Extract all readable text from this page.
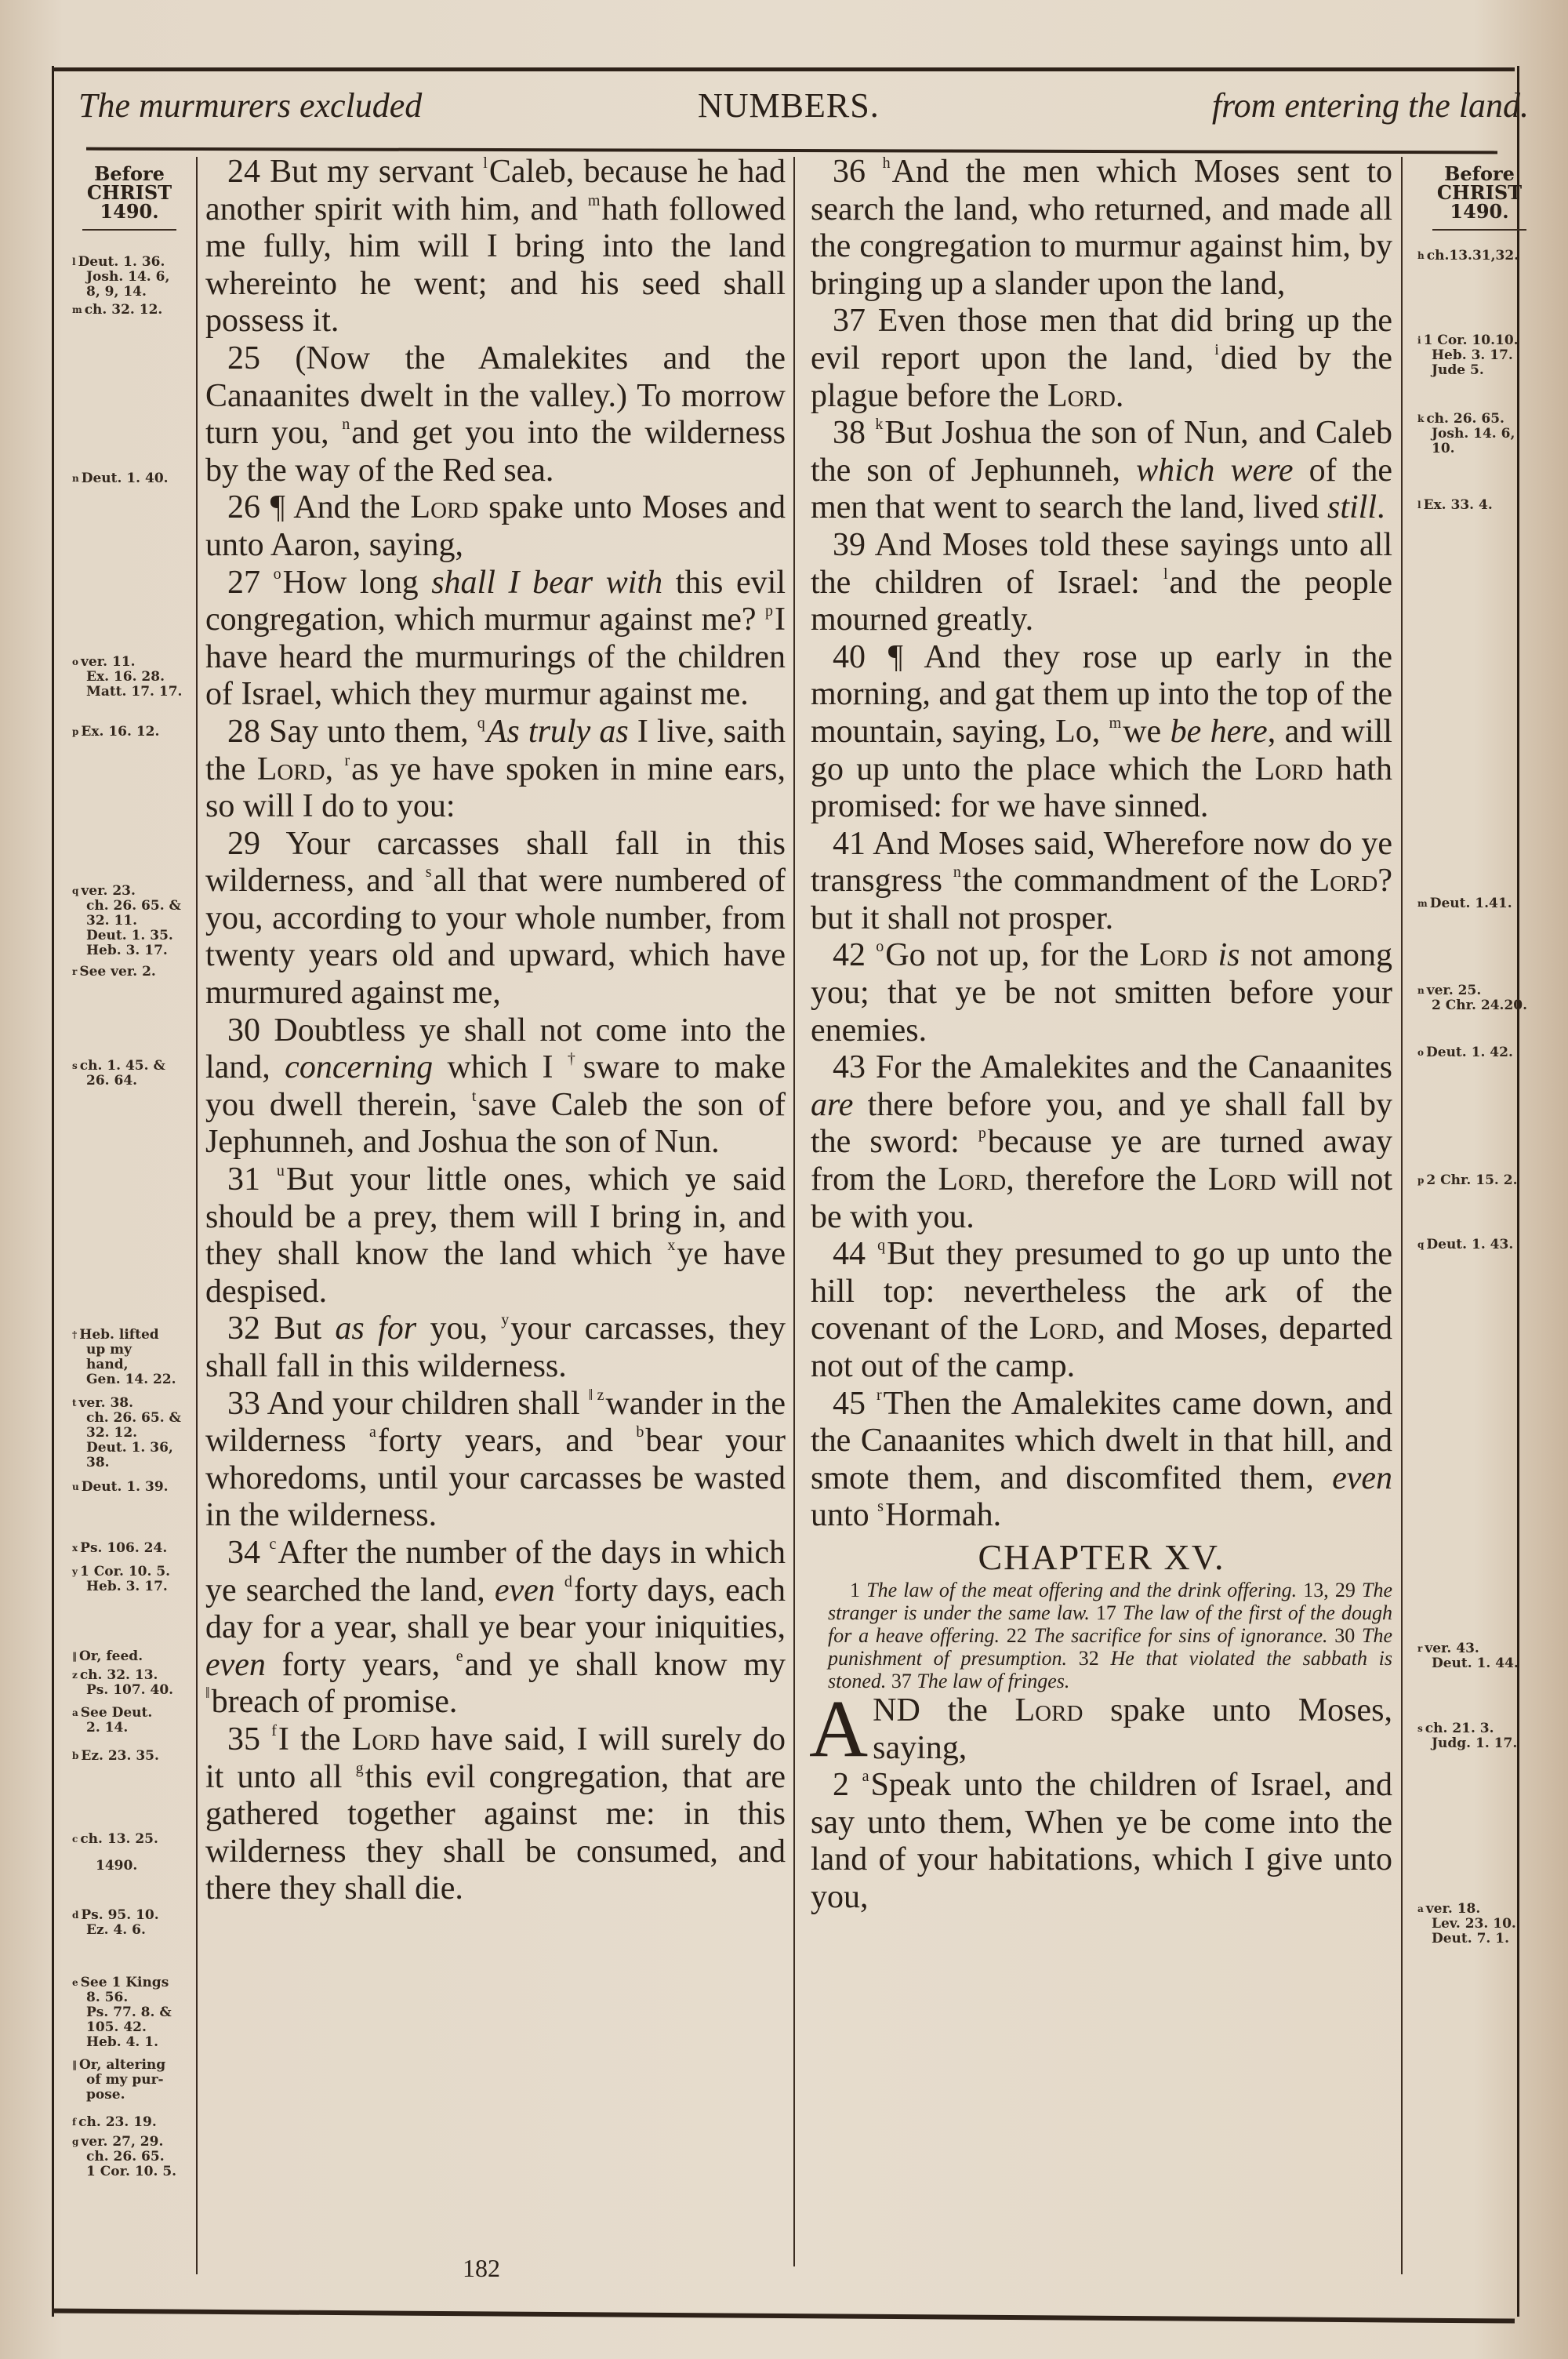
The murmurers excluded	NUMBERS.	from entering the land.
Before
CHRIST
1490.
Before
CHRIST
1490.
$^l$ Deut. 1. 36.
Josh. 14. 6,
8, 9, 14.
$^m$ ch. 32. 12.
$^n$ Deut. 1. 40.
$^o$ ver. 11.
Ex. 16. 28.
Matt. 17. 17.
$^p$ Ex. 16. 12.
$^q$ ver. 23.
ch. 26. 65. &
32. 11.
Deut. 1. 35.
Heb. 3. 17.
$^r$ See ver. 2.
$^s$ ch. 1. 45. &
26. 64.
† Heb. lifted
up my
hand,
Gen. 14. 22.
$^t$ ver. 38.
ch. 26. 65. &
32. 12.
Deut. 1. 36,
38.
$^u$ Deut. 1. 39.
$^x$ Ps. 106. 24.
$^y$ 1 Cor. 10. 5.
Heb. 3. 17.
‖ Or, feed.
$^z$ ch. 32. 13.
Ps. 107. 40.
$^a$ See Deut.
2. 14.
$^b$ Ez. 23. 35.
$^c$ ch. 13. 25.
1490.
$^d$ Ps. 95. 10.
Ez. 4. 6.
$^e$ See 1 Kings
8. 56.
Ps. 77. 8. &
105. 42.
Heb. 4. 1.
‖ Or, altering
of my pur-
pose.
$^f$ ch. 23. 19.
$^g$ ver. 27, 29.
ch. 26. 65.
1 Cor. 10. 5.
$^h$ ch.13.31,32.
$^i$ 1 Cor. 10.10.
Heb. 3. 17.
Jude 5.
$^k$ ch. 26. 65.
Josh. 14. 6,
10.
$^l$ Ex. 33. 4.
$^m$ Deut. 1.41.
$^n$ ver. 25.
2 Chr. 24.20.
$^o$ Deut. 1. 42.
$^p$ 2 Chr. 15. 2.
$^q$ Deut. 1. 43.
$^r$ ver. 43.
Deut. 1. 44.
$^s$ ch. 21. 3.
Judg. 1. 17.
$^a$ ver. 18.
Lev. 23. 10.
Deut. 7. 1.

24 But my servant $^l$Caleb, because he had another spirit with him, and $^m$hath followed me fully, him will I bring into the land whereinto he went; and his seed shall possess it.

25 (Now the Amalekites and the Canaanites dwelt in the valley.) To morrow turn you, $^n$and get you into the wilderness by the way of the Red sea.

26 ¶ And the Lord spake unto Moses and unto Aaron, saying,

27 $^o$How long shall I bear with this evil congregation, which murmur against me? $^p$I have heard the murmurings of the children of Israel, which they murmur against me.

28 Say unto them, $^q$As truly as I live, saith the Lord, $^r$as ye have spoken in mine ears, so will I do to you:

29 Your carcasses shall fall in this wilderness, and $^s$all that were numbered of you, according to your whole number, from twenty years old and upward, which have murmured against me,

30 Doubtless ye shall not come into the land, concerning which I †sware to make you dwell therein, $^t$save Caleb the son of Jephunneh, and Joshua the son of Nun.

31 $^u$But your little ones, which ye said should be a prey, them will I bring in, and they shall know the land which $^x$ye have despised.

32 But as for you, $^y$your carcasses, they shall fall in this wilderness.

33 And your children shall $^{‖ z}$wander in the wilderness $^a$forty years, and $^b$bear your whoredoms, until your carcasses be wasted in the wilderness.

34 $^c$After the number of the days in which ye searched the land, even $^d$forty days, each day for a year, shall ye bear your iniquities, even forty years, $^e$and ye shall know my ‖breach of promise.

35 $^f$I the Lord have said, I will surely do it unto all $^g$this evil congregation, that are gathered together against me: in this wilderness they shall be consumed, and there they shall die.

36 $^h$And the men which Moses sent to search the land, who returned, and made all the congregation to murmur against him, by bringing up a slander upon the land,

37 Even those men that did bring up the evil report upon the land, $^i$died by the plague before the Lord.

38 $^k$But Joshua the son of Nun, and Caleb the son of Jephunneh, which were of the men that went to search the land, lived still.

39 And Moses told these sayings unto all the children of Israel: $^l$and the people mourned greatly.

40 ¶ And they rose up early in the morning, and gat them up into the top of the mountain, saying, Lo, $^m$we be here, and will go up unto the place which the Lord hath promised: for we have sinned.

41 And Moses said, Wherefore now do ye transgress $^n$the commandment of the Lord? but it shall not prosper.

42 $^o$Go not up, for the Lord is not among you; that ye be not smitten before your enemies.

43 For the Amalekites and the Canaanites are there before you, and ye shall fall by the sword: $^p$because ye are turned away from the Lord, therefore the Lord will not be with you.

44 $^q$But they presumed to go up unto the hill top: nevertheless the ark of the covenant of the Lord, and Moses, departed not out of the camp.

45 $^r$Then the Amalekites came down, and the Canaanites which dwelt in that hill, and smote them, and discomfited them, even unto $^s$Hormah.

CHAPTER XV.

1 The law of the meat offering and the drink offering. 13, 29 The stranger is under the same law. 17 The law of the first of the dough for a heave offering. 22 The sacrifice for sins of ignorance. 30 The punishment of presumption. 32 He that violated the sabbath is stoned. 37 The law of fringes.

AND the Lord spake unto Moses, saying,

2 $^a$Speak unto the children of Israel, and say unto them, When ye be come into the land of your habitations, which I give unto you,

182
